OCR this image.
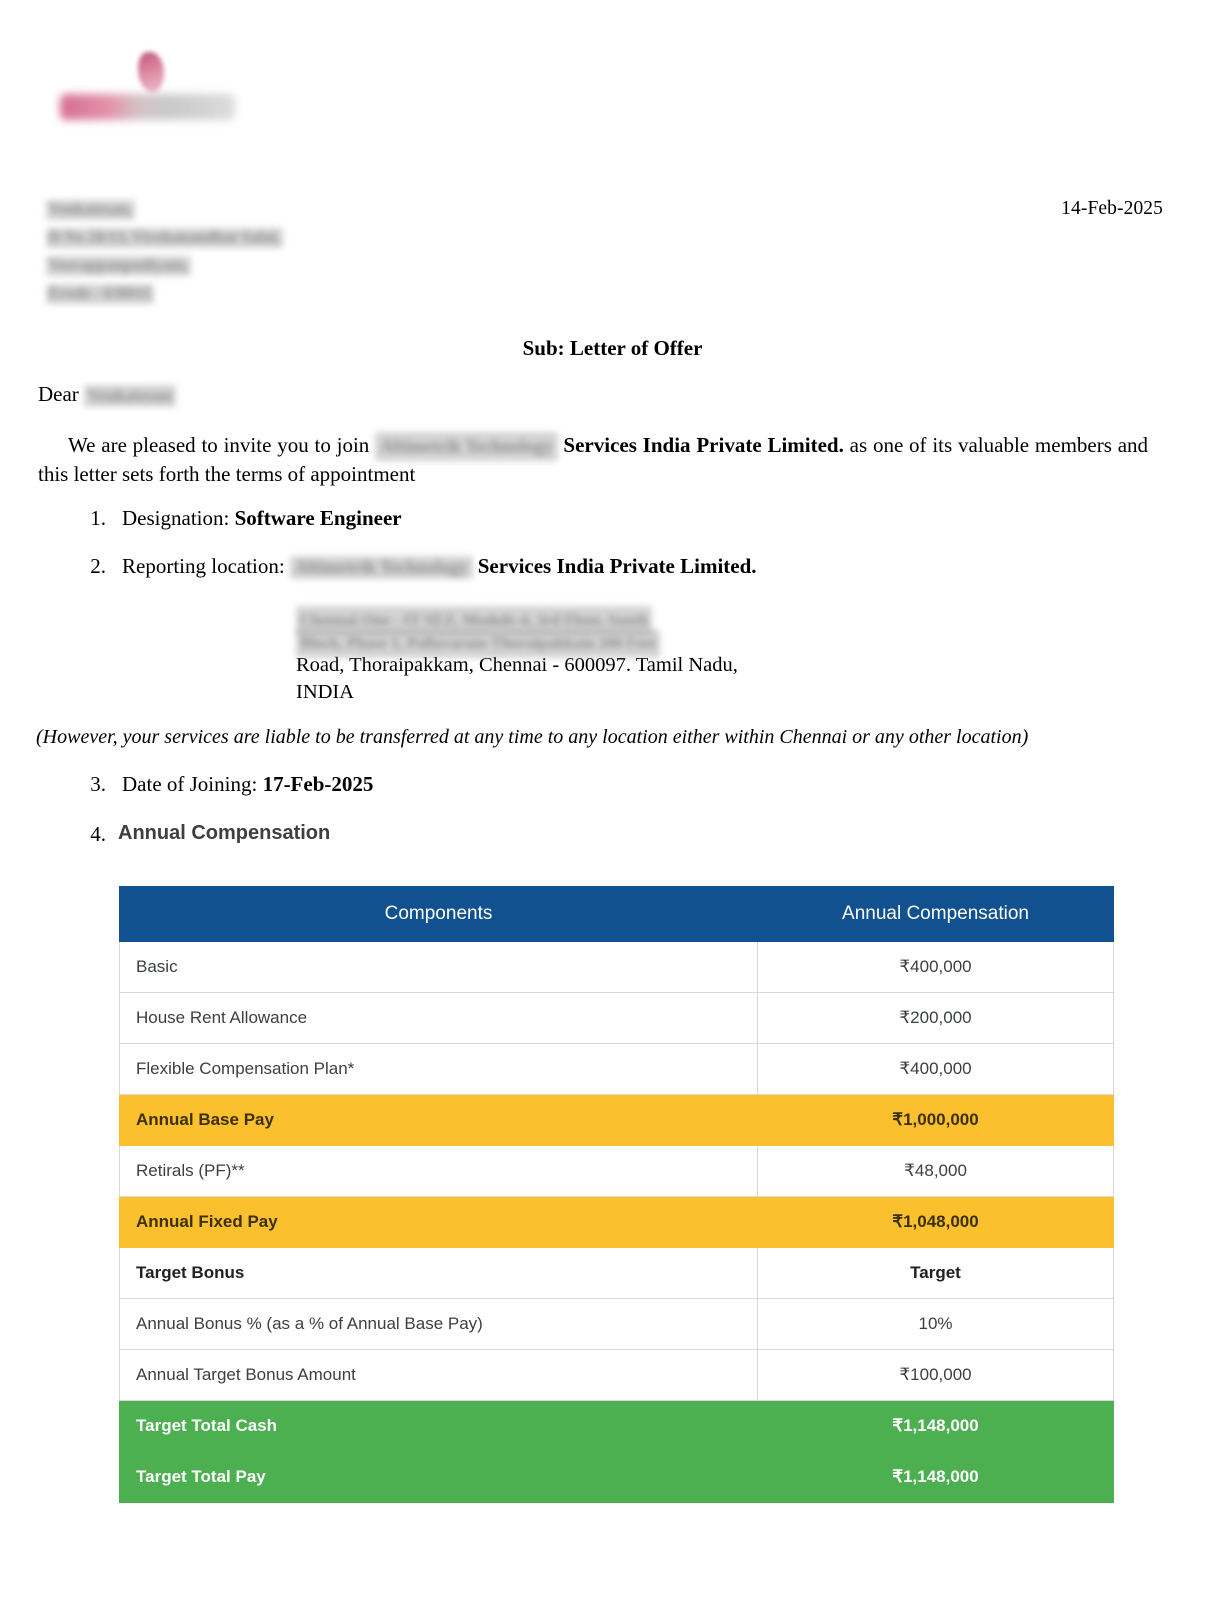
14-Feb-2025
Venkatesan,
D No 28/13, Vivekanandhar Salai,
Veerappanpudiyam,
Erode - 638011
Sub: Letter of Offer
Dear Venkatesan
We are pleased to invite you to join Altimetrik Technology Services India Private Limited. as one of its valuable members and this letter sets forth the terms of appointment
1. Designation: Software Engineer
2. Reporting location: Altimetrik Technology Services India Private Limited.
Chennai One - IT SEZ, Module-4, 3rd Floor, South
Block, Phase 1, Pallavaram-Thoraipakkam 200 Feet
Road, Thoraipakkam, Chennai - 600097. Tamil Nadu,
INDIA
(However, your services are liable to be transferred at any time to any location either within Chennai or any other location)
3. Date of Joining: 17-Feb-2025
4. Annual Compensation
Components	Annual Compensation
Basic	₹400,000
House Rent Allowance	₹200,000
Flexible Compensation Plan*	₹400,000
Annual Base Pay	₹1,000,000
Retirals (PF)**	₹48,000
Annual Fixed Pay	₹1,048,000
Target Bonus	Target
Annual Bonus % (as a % of Annual Base Pay)	10%
Annual Target Bonus Amount	₹100,000
Target Total Cash	₹1,148,000
Target Total Pay	₹1,148,000
